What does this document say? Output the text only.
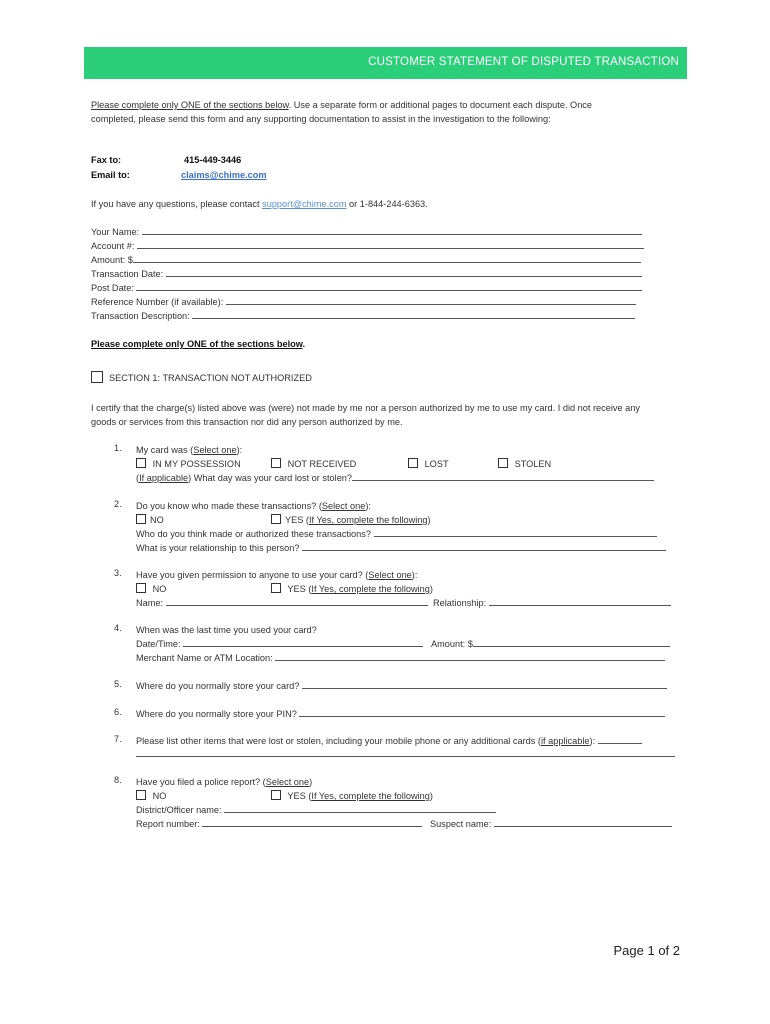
CUSTOMER STATEMENT OF DISPUTED TRANSACTION
Please complete only ONE of the sections below. Use a separate form or additional pages to document each dispute. Once
completed, please send this form and any supporting documentation to assist in the investigation to the following:
Fax to:	415-449-3446
Email to:	claims@chime.com
If you have any questions, please contact support@chime.com or 1-844-244-6363.
Your Name:
Account #:
Amount: $
Transaction Date:
Post Date:
Reference Number (if available):
Transaction Description:
Please complete only ONE of the sections below.
SECTION 1: TRANSACTION NOT AUTHORIZED
I certify that the charge(s) listed above was (were) not made by me nor a person authorized by me to use my card. I did not receive any
goods or services from this transaction nor did any person authorized by me.
1. My card was (Select one):
IN MY POSSESSION	NOT RECEIVED	LOST	STOLEN
(If applicable) What day was your card lost or stolen?
2. Do you know who made these transactions? (Select one):
NO	YES (If Yes, complete the following)
Who do you think made or authorized these transactions?
What is your relationship to this person?
3. Have you given permission to anyone to use your card? (Select one):
NO	YES (If Yes, complete the following)
Name:	Relationship:
4. When was the last time you used your card?
Date/Time:	Amount: $
Merchant Name or ATM Location:
5. Where do you normally store your card?
6. Where do you normally store your PIN?
7. Please list other items that were lost or stolen, including your mobile phone or any additional cards (if applicable):
8. Have you filed a police report? (Select one)
NO	YES (If Yes, complete the following)
District/Officer name:
Report number:	Suspect name:
Page 1 of 2
